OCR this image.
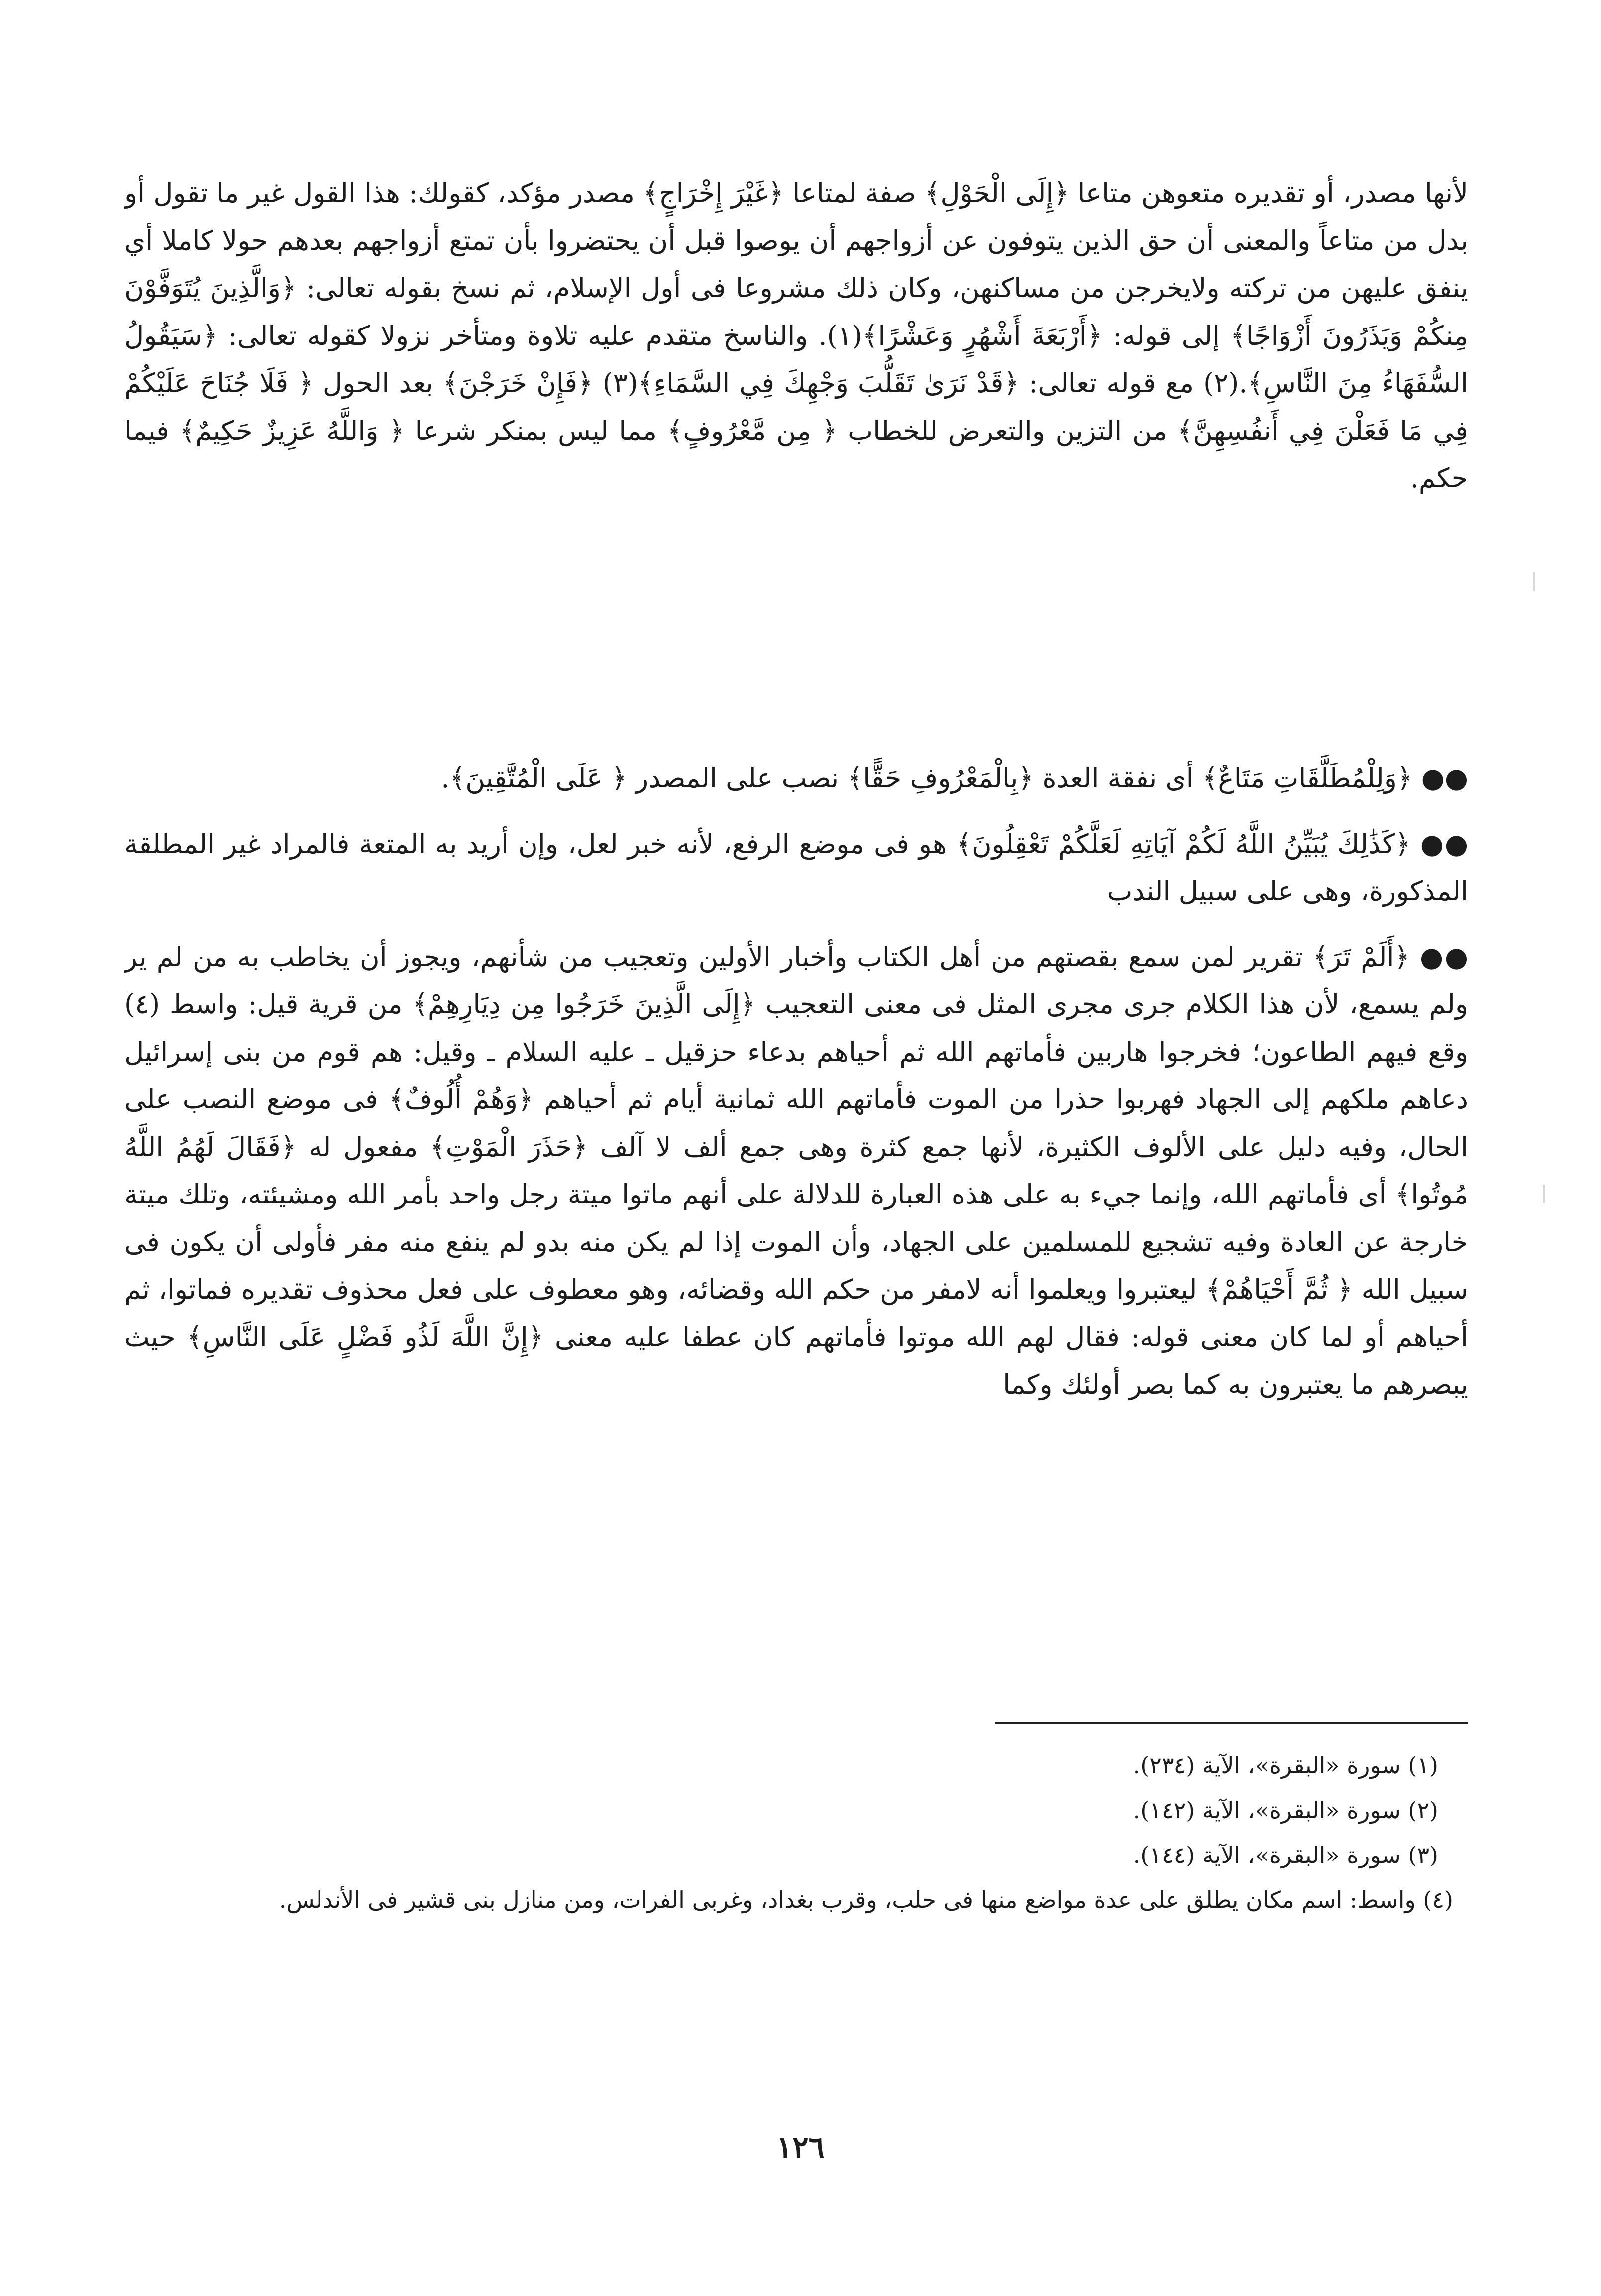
لأنها مصدر، أو تقديره متعوهن متاعا ﴿إِلَى الْحَوْلِ﴾ صفة لمتاعا ﴿غَيْرَ إِخْرَاجٍ﴾ مصدر مؤكد، كقولك: هذا القول غير ما تقول أو بدل من متاعاً والمعنى أن حق الذين يتوفون عن أزواجهم أن يوصوا قبل أن يحتضروا بأن تمتع أزواجهم بعدهم حولا كاملا أي ينفق عليهن من تركته ولايخرجن من مساكنهن، وكان ذلك مشروعا فى أول الإسلام، ثم نسخ بقوله تعالى: ﴿وَالَّذِينَ يُتَوَفَّوْنَ مِنكُمْ وَيَذَرُونَ أَزْوَاجًا﴾ إلى قوله: ﴿أَرْبَعَةَ أَشْهُرٍ وَعَشْرًا﴾(١). والناسخ متقدم عليه تلاوة ومتأخر نزولا كقوله تعالى: ﴿سَيَقُولُ السُّفَهَاءُ مِنَ النَّاسِ﴾.(٢) مع قوله تعالى: ﴿قَدْ نَرَىٰ تَقَلُّبَ وَجْهِكَ فِي السَّمَاءِ﴾(٣) ﴿فَإِنْ خَرَجْنَ﴾ بعد الحول ﴿ فَلَا جُنَاحَ عَلَيْكُمْ فِي مَا فَعَلْنَ فِي أَنفُسِهِنَّ﴾ من التزين والتعرض للخطاب ﴿ مِن مَّعْرُوفٍ﴾ مما ليس بمنكر شرعا ﴿ وَاللَّهُ عَزِيزٌ حَكِيمٌ﴾ فيما حكم.

●● ﴿وَلِلْمُطَلَّقَاتِ مَتَاعٌ﴾ أى نفقة العدة ﴿بِالْمَعْرُوفِ حَقًّا﴾ نصب على المصدر ﴿ عَلَى الْمُتَّقِينَ﴾.

●● ﴿كَذَٰلِكَ يُبَيِّنُ اللَّهُ لَكُمْ آيَاتِهِ لَعَلَّكُمْ تَعْقِلُونَ﴾ هو فى موضع الرفع، لأنه خبر لعل، وإن أريد به المتعة فالمراد غير المطلقة المذكورة، وهى على سبيل الندب

●● ﴿أَلَمْ تَرَ﴾ تقرير لمن سمع بقصتهم من أهل الكتاب وأخبار الأولين وتعجيب من شأنهم، ويجوز أن يخاطب به من لم ير ولم يسمع، لأن هذا الكلام جرى مجرى المثل فى معنى التعجيب ﴿إِلَى الَّذِينَ خَرَجُوا مِن دِيَارِهِمْ﴾ من قرية قيل: واسط (٤) وقع فيهم الطاعون؛ فخرجوا هاربين فأماتهم الله ثم أحياهم بدعاء حزقيل ـ عليه السلام ـ وقيل: هم قوم من بنى إسرائيل دعاهم ملكهم إلى الجهاد فهربوا حذرا من الموت فأماتهم الله ثمانية أيام ثم أحياهم ﴿وَهُمْ أُلُوفٌ﴾ فى موضع النصب على الحال، وفيه دليل على الألوف الكثيرة، لأنها جمع كثرة وهى جمع ألف لا آلف ﴿حَذَرَ الْمَوْتِ﴾ مفعول له ﴿فَقَالَ لَهُمُ اللَّهُ مُوتُوا﴾ أى فأماتهم الله، وإنما جيء به على هذه العبارة للدلالة على أنهم ماتوا ميتة رجل واحد بأمر الله ومشيئته، وتلك ميتة خارجة عن العادة وفيه تشجيع للمسلمين على الجهاد، وأن الموت إذا لم يكن منه بدو لم ينفع منه مفر فأولى أن يكون فى سبيل الله ﴿ ثُمَّ أَحْيَاهُمْ﴾ ليعتبروا ويعلموا أنه لامفر من حكم الله وقضائه، وهو معطوف على فعل محذوف تقديره فماتوا، ثم أحياهم أو لما كان معنى قوله: فقال لهم الله موتوا فأماتهم كان عطفا عليه معنى ﴿إِنَّ اللَّهَ لَذُو فَضْلٍ عَلَى النَّاسِ﴾ حيث يبصرهم ما يعتبرون به كما بصر أولئك وكما

(١) سورة «البقرة»، الآية (٢٣٤).

(٢) سورة «البقرة»، الآية (١٤٢).

(٣) سورة «البقرة»، الآية (١٤٤).

(٤) واسط: اسم مكان يطلق على عدة مواضع منها فى حلب، وقرب بغداد، وغربى الفرات، ومن منازل بنى قشير فى الأندلس.

١٢٦
